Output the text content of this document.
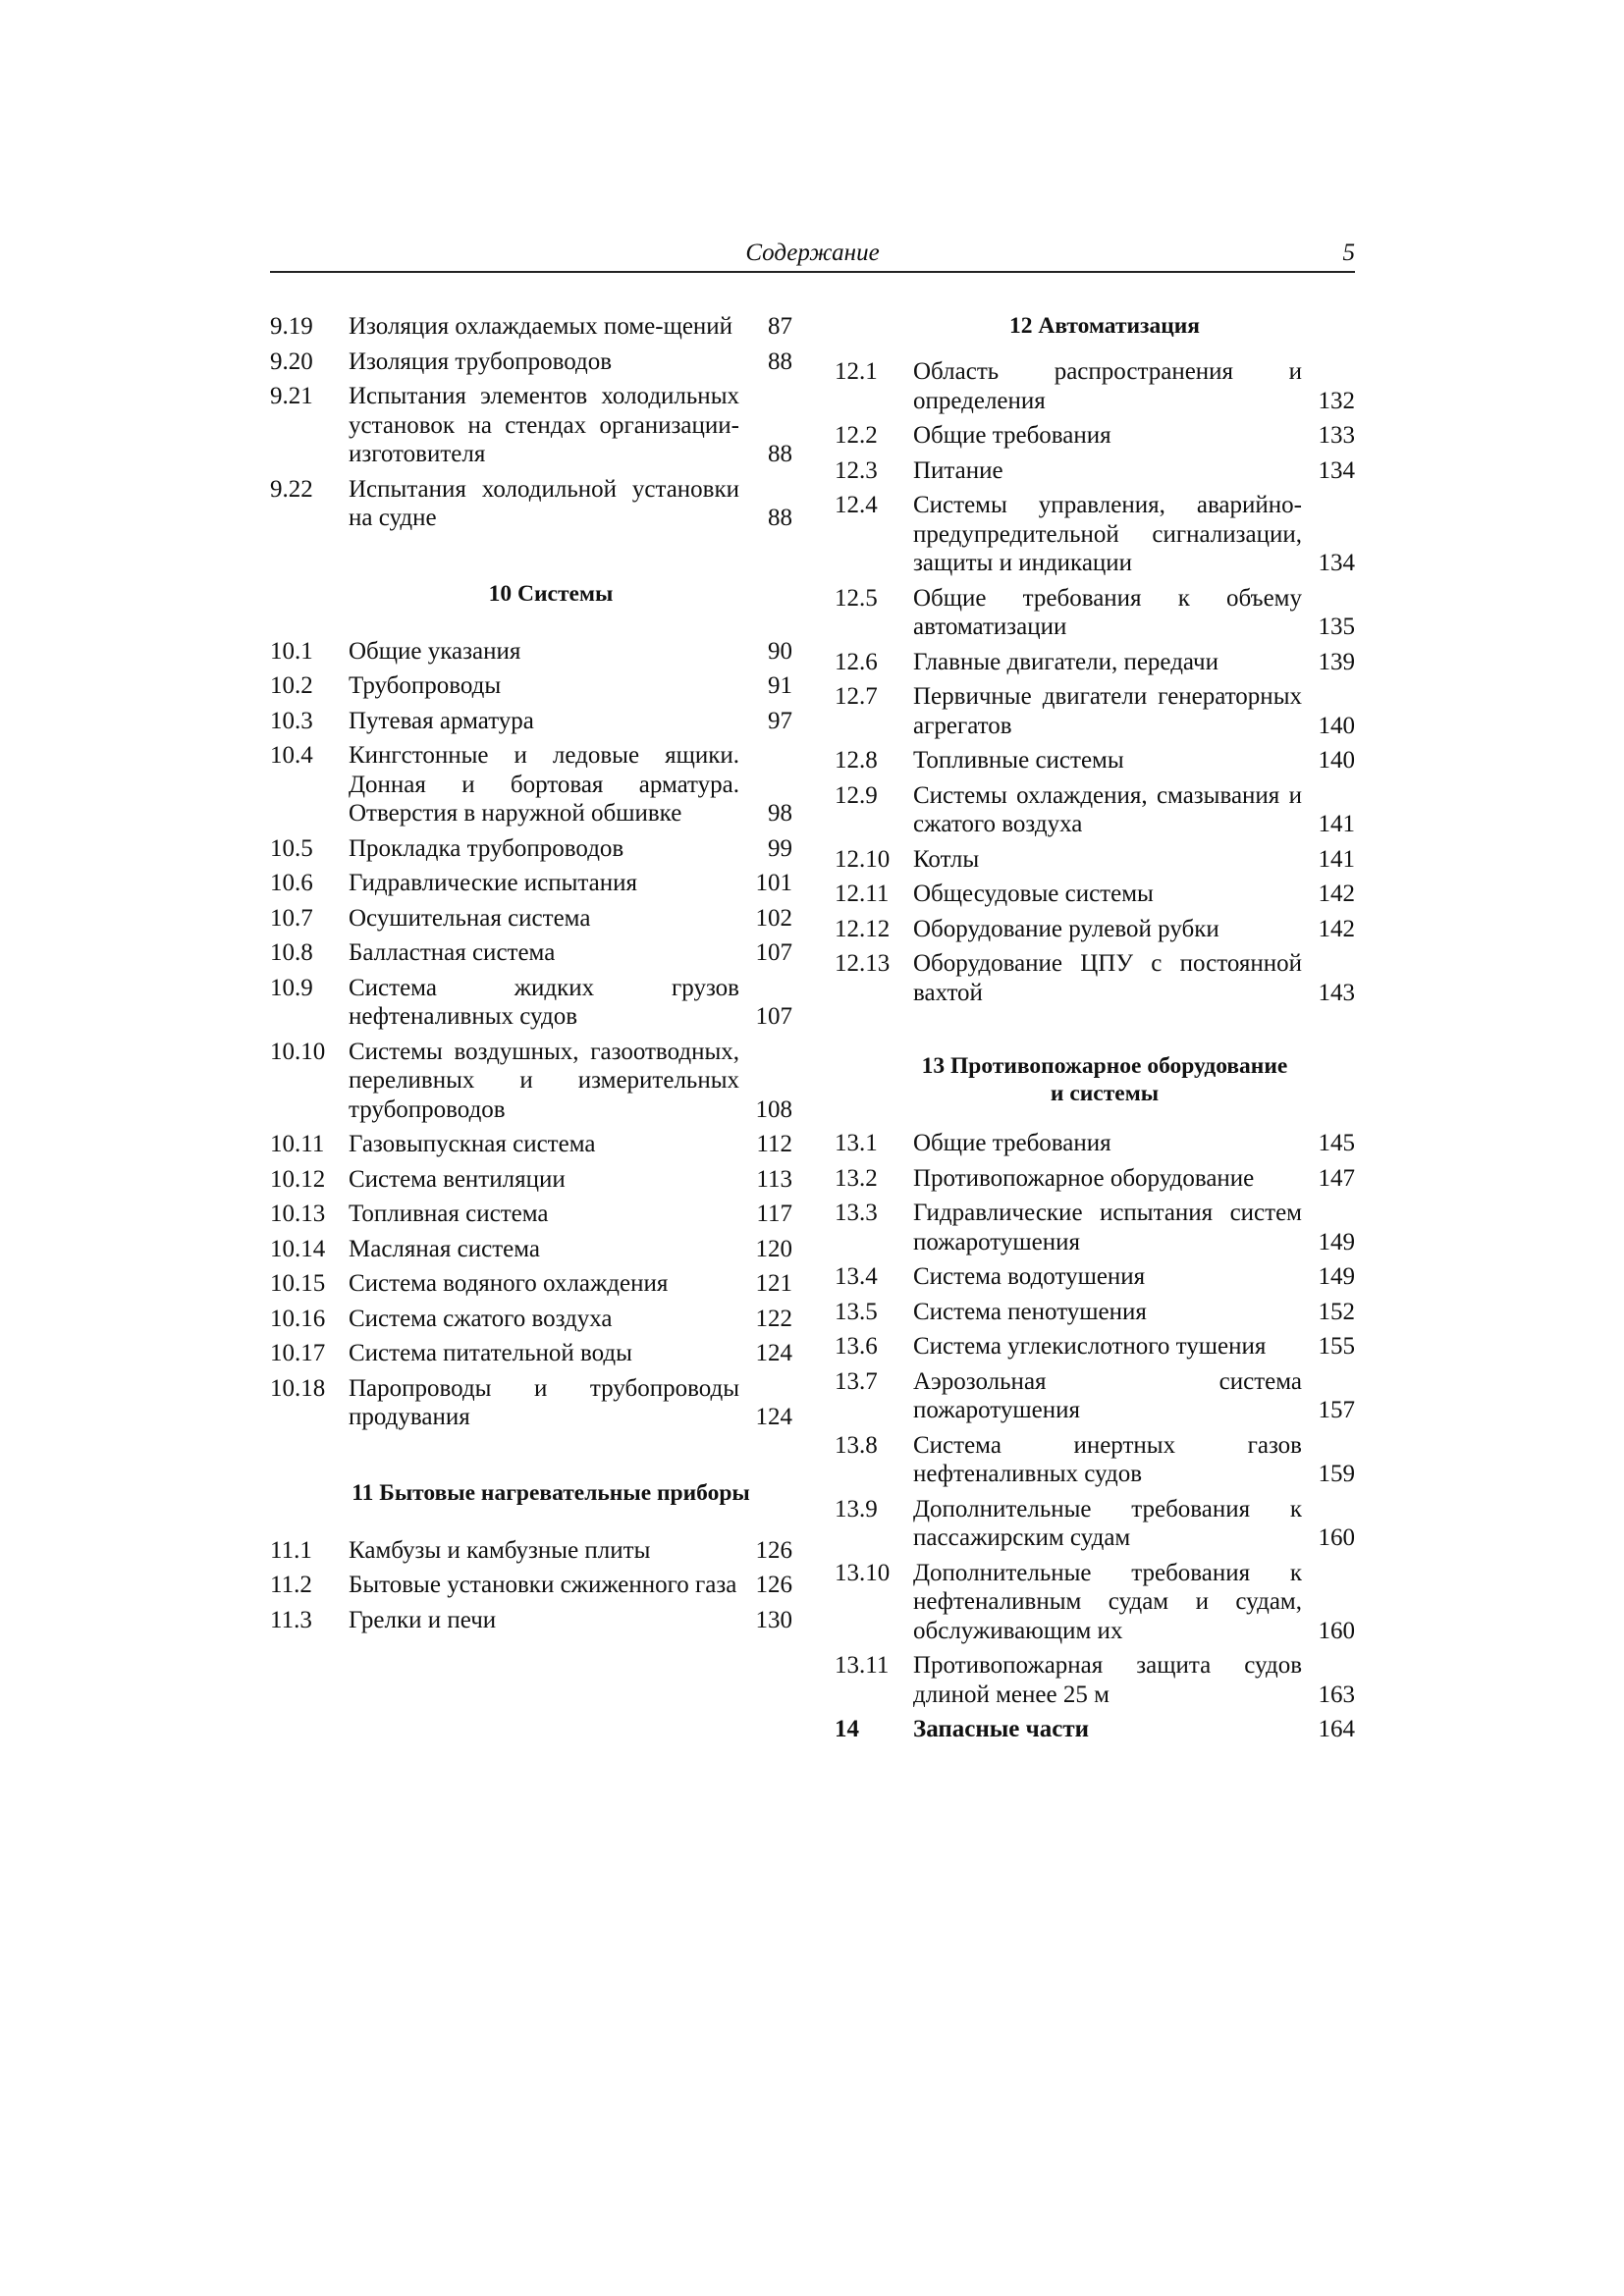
Содержание	5
9.19	Изоляция охлаждаемых поме-щений	87
9.20	Изоляция трубопроводов	88
9.21	Испытания элементов холодильных установок на стендах организации-изготовителя	88
9.22	Испытания холодильной установки на судне	88
10 Системы
10.1	Общие указания	90
10.2	Трубопроводы	91
10.3	Путевая арматура	97
10.4	Кингстонные и ледовые ящики. Донная и бортовая арматура. Отверстия в наружной обшивке	98
10.5	Прокладка трубопроводов	99
10.6	Гидравлические испытания	101
10.7	Осушительная система	102
10.8	Балластная система	107
10.9	Система жидких грузов нефтеналивных судов	107
10.10 Системы воздушных, газоотводных, переливных и измерительных трубопроводов	108
10.11 Газовыпускная система	112
10.12 Система вентиляции	113
10.13 Топливная система	117
10.14 Масляная система	120
10.15 Система водяного охлаждения	121
10.16 Система сжатого воздуха	122
10.17 Система питательной воды	124
10.18 Паропроводы и трубопроводы продувания	124
11 Бытовые нагревательные приборы
11.1	Камбузы и камбузные плиты	126
11.2	Бытовые установки сжиженного газа 126
11.3	Грелки и печи	130
12 Автоматизация
12.1	Область распространения и определения	132
12.2	Общие требования	133
12.3	Питание	134
12.4	Системы управления, аварийно-предупредительной сигнализации, защиты и индикации	134
12.5	Общие требования к объему автоматизации	135
12.6	Главные двигатели, передачи	139
12.7	Первичные двигатели генераторных агрегатов	140
12.8	Топливные системы	140
12.9	Системы охлаждения, смазывания и сжатого воздуха	141
12.10 Котлы	141
12.11 Общесудовые системы	142
12.12 Оборудование рулевой рубки	142
12.13 Оборудование ЦПУ с постоянной вахтой	143
13 Противопожарное оборудование
и системы
13.1	Общие требования	145
13.2	Противопожарное оборудование	147
13.3	Гидравлические испытания систем пожаротушения	149
13.4	Система водотушения	149
13.5	Система пенотушения	152
13.6	Система углекислотного тушения	155
13.7	Аэрозольная система пожаротушения	157
13.8	Система инертных газов нефтеналивных судов	159
13.9	Дополнительные требования к пассажирским судам	160
13.10 Дополнительные требования к нефтеналивным судам и судам, обслуживающим их	160
13.11 Противопожарная защита судов длиной менее 25 м	163
14	Запасные части	164
